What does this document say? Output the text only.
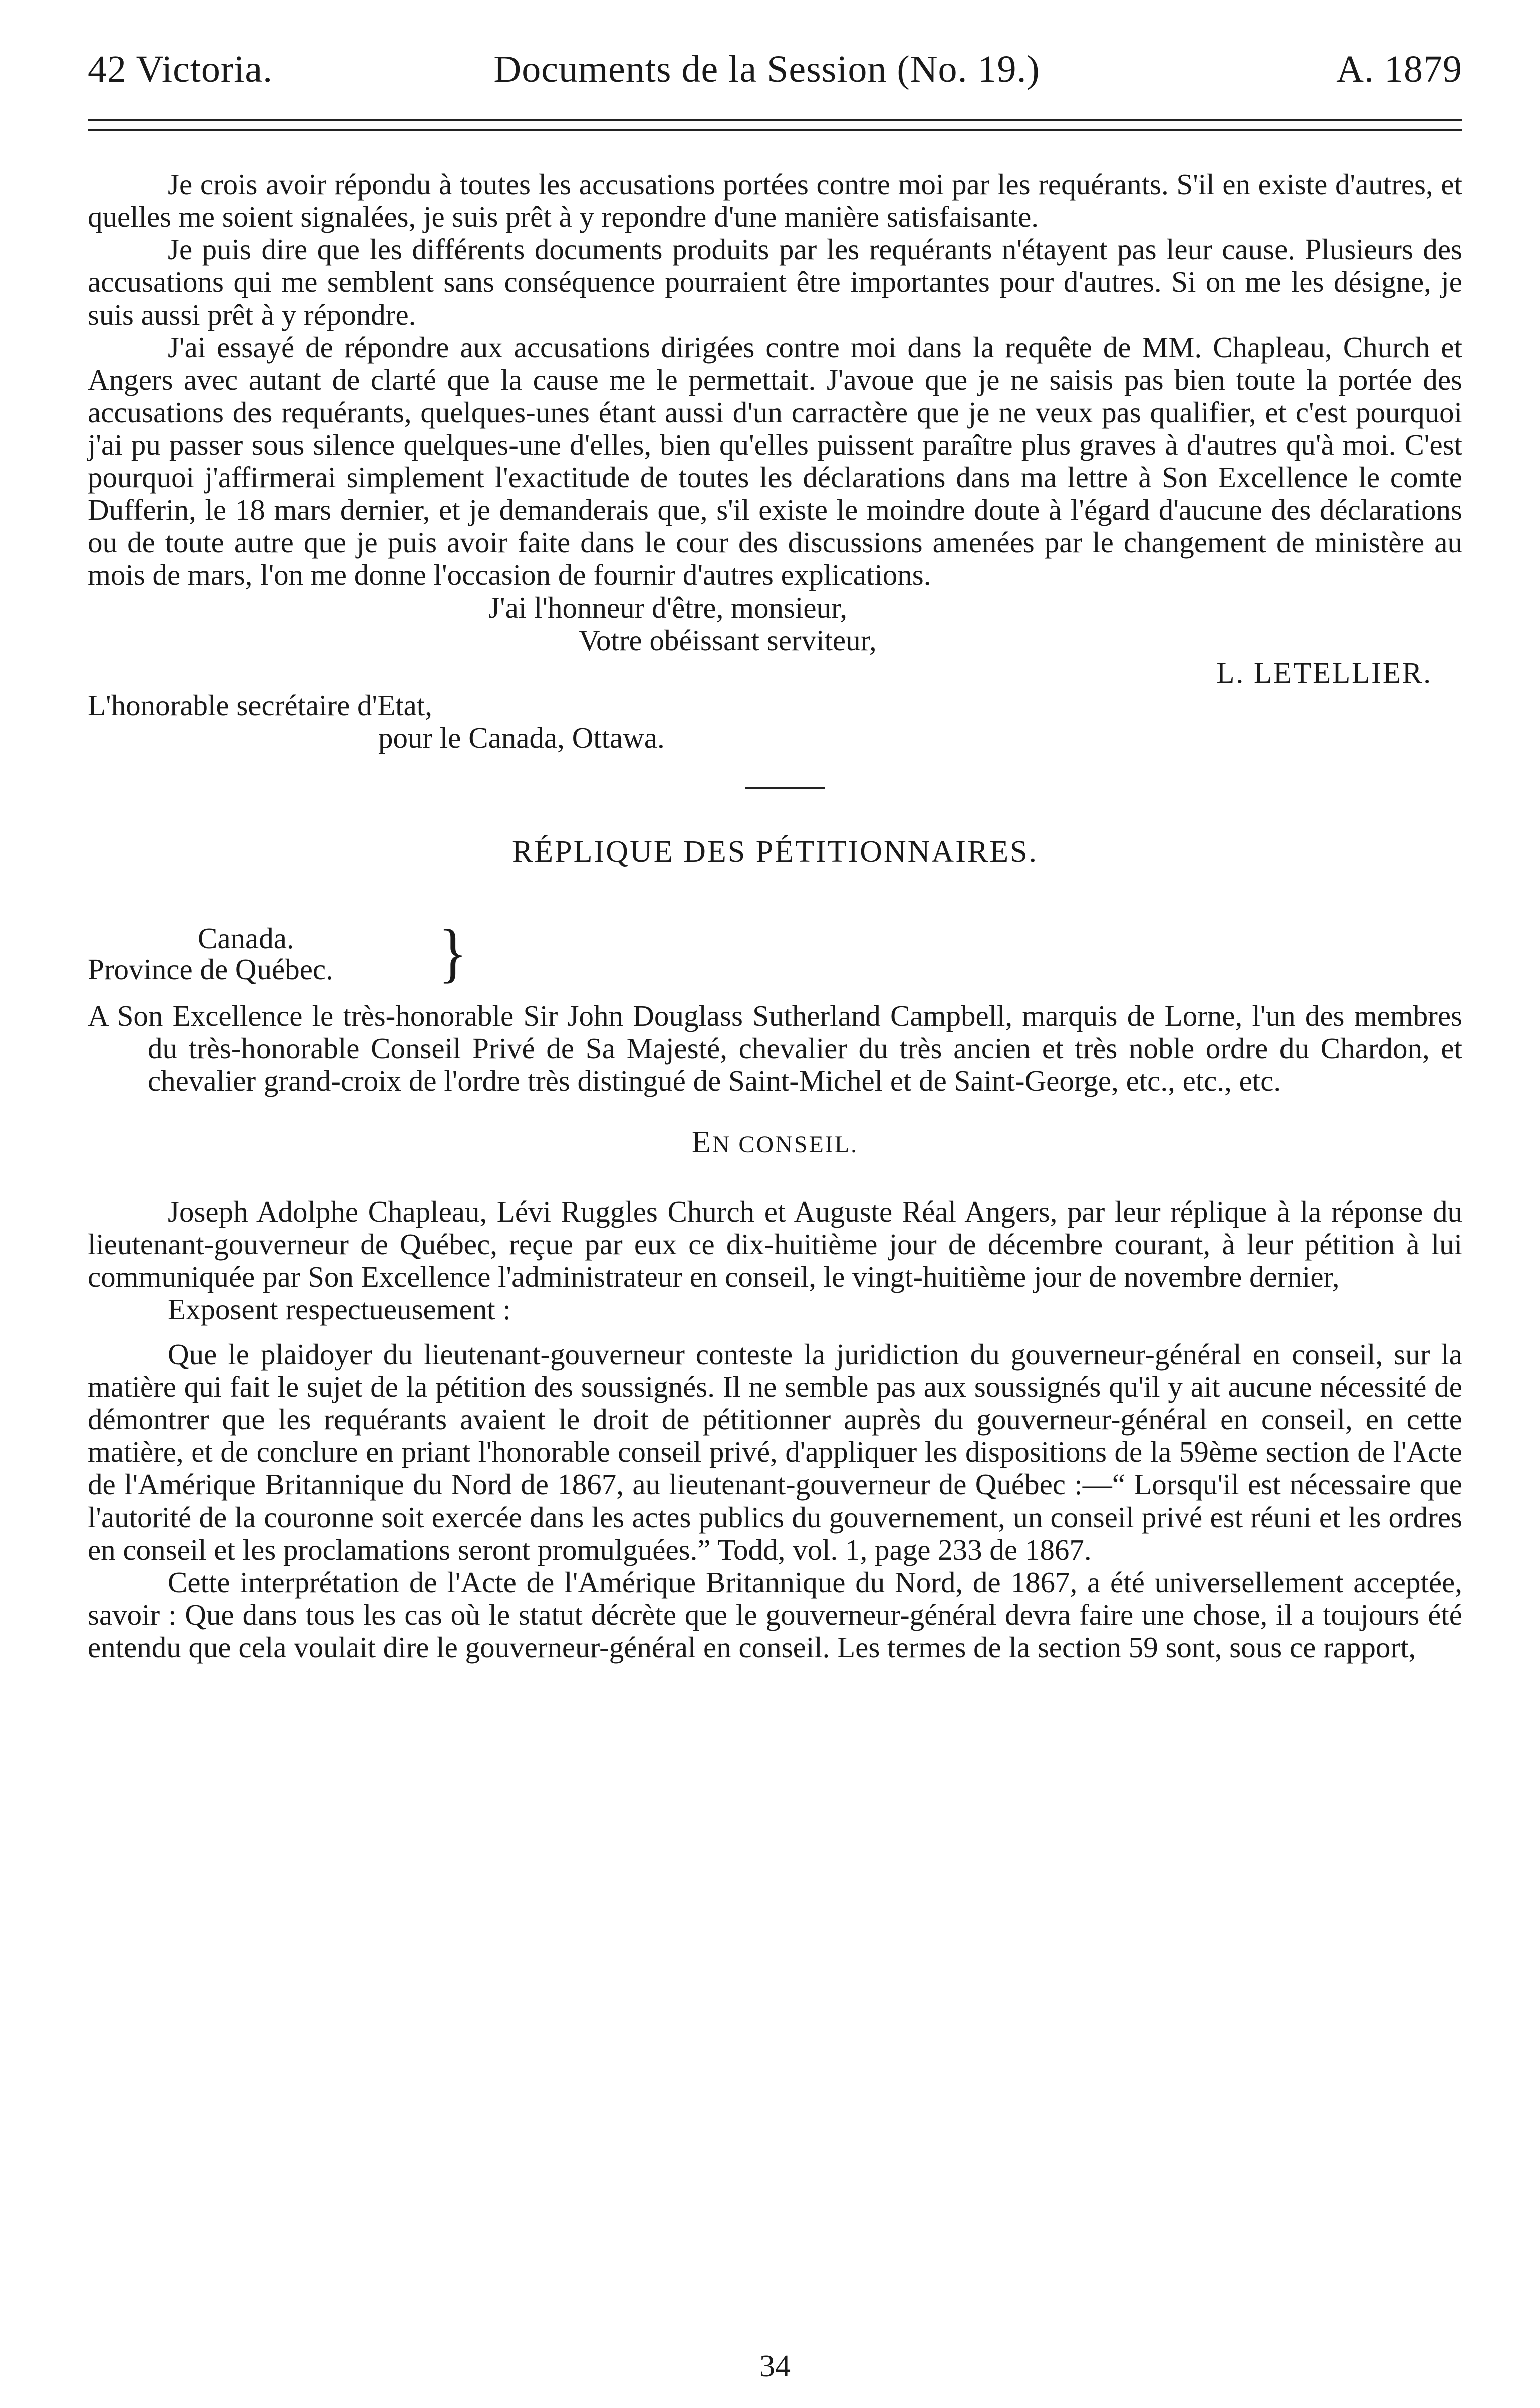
42 Victoria.	Documents de la Session (No. 19.)	A. 1879

Je crois avoir répondu à toutes les accusations portées contre moi par les requérants. S'il en existe d'autres, et quelles me soient signalées, je suis prêt à y repondre d'une manière satisfaisante.

Je puis dire que les différents documents produits par les requérants n'étayent pas leur cause. Plusieurs des accusations qui me semblent sans conséquence pourraient être importantes pour d'autres. Si on me les désigne, je suis aussi prêt à y répondre.

J'ai essayé de répondre aux accusations dirigées contre moi dans la requête de MM. Chapleau, Church et Angers avec autant de clarté que la cause me le permettait. J'avoue que je ne saisis pas bien toute la portée des accusations des requérants, quelques-unes étant aussi d'un carractère que je ne veux pas qualifier, et c'est pourquoi j'ai pu passer sous silence quelques-une d'elles, bien qu'elles puissent paraître plus graves à d'autres qu'à moi. C'est pourquoi j'affirmerai simplement l'exactitude de toutes les déclarations dans ma lettre à Son Excellence le comte Dufferin, le 18 mars dernier, et je demanderais que, s'il existe le moindre doute à l'égard d'aucune des déclarations ou de toute autre que je puis avoir faite dans le cour des discussions amenées par le changement de ministère au mois de mars, l'on me donne l'occasion de fournir d'autres explications.

J'ai l'honneur d'être, monsieur,
Votre obéissant serviteur,
L. LETELLIER.
L'honorable secrétaire d'Etat,
pour le Canada, Ottawa.
RÉPLIQUE DES PÉTITIONNAIRES.
Canada.
Province de Québec.	}
A Son Excellence le très-honorable Sir John Douglass Sutherland Campbell, marquis de Lorne, l'un des membres du très-honorable Conseil Privé de Sa Majesté, chevalier du très ancien et très noble ordre du Chardon, et chevalier grand-croix de l'ordre très distingué de Saint-Michel et de Saint-George, etc., etc., etc.
EN CONSEIL.

Joseph Adolphe Chapleau, Lévi Ruggles Church et Auguste Réal Angers, par leur réplique à la réponse du lieutenant-gouverneur de Québec, reçue par eux ce dix-huitième jour de décembre courant, à leur pétition à lui communiquée par Son Excellence l'administrateur en conseil, le vingt-huitième jour de novembre dernier,

Exposent respectueusement :

Que le plaidoyer du lieutenant-gouverneur conteste la juridiction du gouverneur-général en conseil, sur la matière qui fait le sujet de la pétition des soussignés. Il ne semble pas aux soussignés qu'il y ait aucune nécessité de démontrer que les requérants avaient le droit de pétitionner auprès du gouverneur-général en conseil, en cette matière, et de conclure en priant l'honorable conseil privé, d'appliquer les dispositions de la 59ème section de l'Acte de l'Amérique Britannique du Nord de 1867, au lieutenant-gouverneur de Québec :—“ Lorsqu'il est nécessaire que l'autorité de la couronne soit exercée dans les actes publics du gouvernement, un conseil privé est réuni et les ordres en conseil et les proclamations seront promulguées.” Todd, vol. 1, page 233 de 1867.

Cette interprétation de l'Acte de l'Amérique Britannique du Nord, de 1867, a été universellement acceptée, savoir : Que dans tous les cas où le statut décrète que le gouverneur-général devra faire une chose, il a toujours été entendu que cela voulait dire le gouverneur-général en conseil. Les termes de la section 59 sont, sous ce rapport,

34
